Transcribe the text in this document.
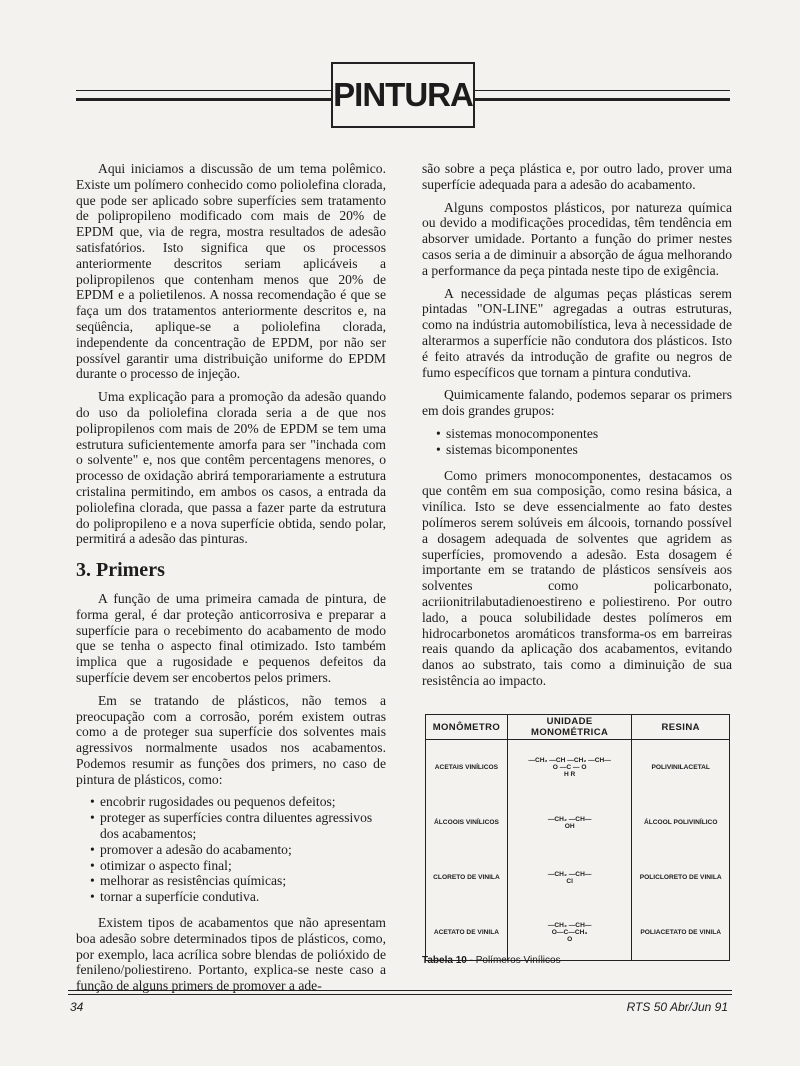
PINTURA

Aqui iniciamos a discussão de um tema polêmico. Existe um polímero conhecido como poliolefina clorada, que pode ser aplicado sobre superfícies sem tratamento de polipropileno modificado com mais de 20% de EPDM que, via de regra, mostra resultados de adesão satisfatórios. Isto significa que os processos anteriormente descritos seriam aplicáveis a polipropilenos que contenham menos que 20% de EPDM e a polietilenos. A nossa recomendação é que se faça um dos tratamentos anteriormente descritos e, na seqüência, aplique-se a poliolefina clorada, independente da concentração de EPDM, por não ser possível garantir uma distribuição uniforme do EPDM durante o processo de injeção.

Uma explicação para a promoção da adesão quando do uso da poliolefina clorada seria a de que nos polipropilenos com mais de 20% de EPDM se tem uma estrutura suficientemente amorfa para ser "inchada com o solvente" e, nos que contêm percentagens menores, o processo de oxidação abrirá temporariamente a estrutura cristalina permitindo, em ambos os casos, a entrada da poliolefina clorada, que passa a fazer parte da estrutura do polipropileno e a nova superfície obtida, sendo polar, permitirá a adesão das pinturas.

3. Primers

A função de uma primeira camada de pintura, de forma geral, é dar proteção anticorrosiva e preparar a superfície para o recebimento do acabamento de modo que se tenha o aspecto final otimizado. Isto também implica que a rugosidade e pequenos defeitos da superfície devem ser encobertos pelos primers.

Em se tratando de plásticos, não temos a preocupação com a corrosão, porém existem outras como a de proteger sua superfície dos solventes mais agressivos normalmente usados nos acabamentos. Podemos resumir as funções dos primers, no caso de pintura de plásticos, como:

• encobrir rugosidades ou pequenos defeitos;
• proteger as superfícies contra diluentes agressivos dos acabamentos;
• promover a adesão do acabamento;
• otimizar o aspecto final;
• melhorar as resistências químicas;
• tornar a superfície condutiva.

Existem tipos de acabamentos que não apresentam boa adesão sobre determinados tipos de plásticos, como, por exemplo, laca acrílica sobre blendas de polióxido de fenileno/poliestireno. Portanto, explica-se neste caso a função de alguns primers de promover a ade-

são sobre a peça plástica e, por outro lado, prover uma superfície adequada para a adesão do acabamento.

Alguns compostos plásticos, por natureza química ou devido a modificações procedidas, têm tendência em absorver umidade. Portanto a função do primer nestes casos seria a de diminuir a absorção de água melhorando a performance da peça pintada neste tipo de exigência.

A necessidade de algumas peças plásticas serem pintadas "ON-LINE" agregadas a outras estruturas, como na indústria automobilística, leva à necessidade de alterarmos a superfície não condutora dos plásticos. Isto é feito através da introdução de grafite ou negros de fumo específicos que tornam a pintura condutiva.

Quimicamente falando, podemos separar os primers em dois grandes grupos:

• sistemas monocomponentes
• sistemas bicomponentes

Como primers monocomponentes, destacamos os que contêm em sua composição, como resina básica, a vinílica. Isto se deve essencialmente ao fato destes polímeros serem solúveis em álcoois, tornando possível a dosagem adequada de solventes que agridem as superfícies, promovendo a adesão. Esta dosagem é importante em se tratando de plásticos sensíveis aos solventes como policarbonato, acriionitrilabutadienoestireno e poliestireno. Por outro lado, a pouca solubilidade destes polímeros em hidrocarbonetos aromáticos transforma-os em barreiras reais quando da aplicação dos acabamentos, evitando danos ao substrato, tais como a diminuição de sua resistência ao impacto.

MONÔMETRO	UNIDADE MONOMÉTRICA	RESINA
ACETAIS VINÍLICOS	—CH₂ —CH —CH₂ —CH—
O —C — O
H R	POLIVINILACETAL
ÁLCOOIS VINÍLICOS	—CH₂ —CH—
OH	ÁLCOOL POLIVINÍLICO
CLORETO DE VINILA	—CH₂ —CH—
Cl	POLICLORETO DE VINILA
ACETATO DE VINILA	—CH₂ —CH—
O—C—CH₃
O	POLIACETATO DE VINILA
Tabela 10 - Polímeros Vinílicos
34	RTS 50 Abr/Jun 91
